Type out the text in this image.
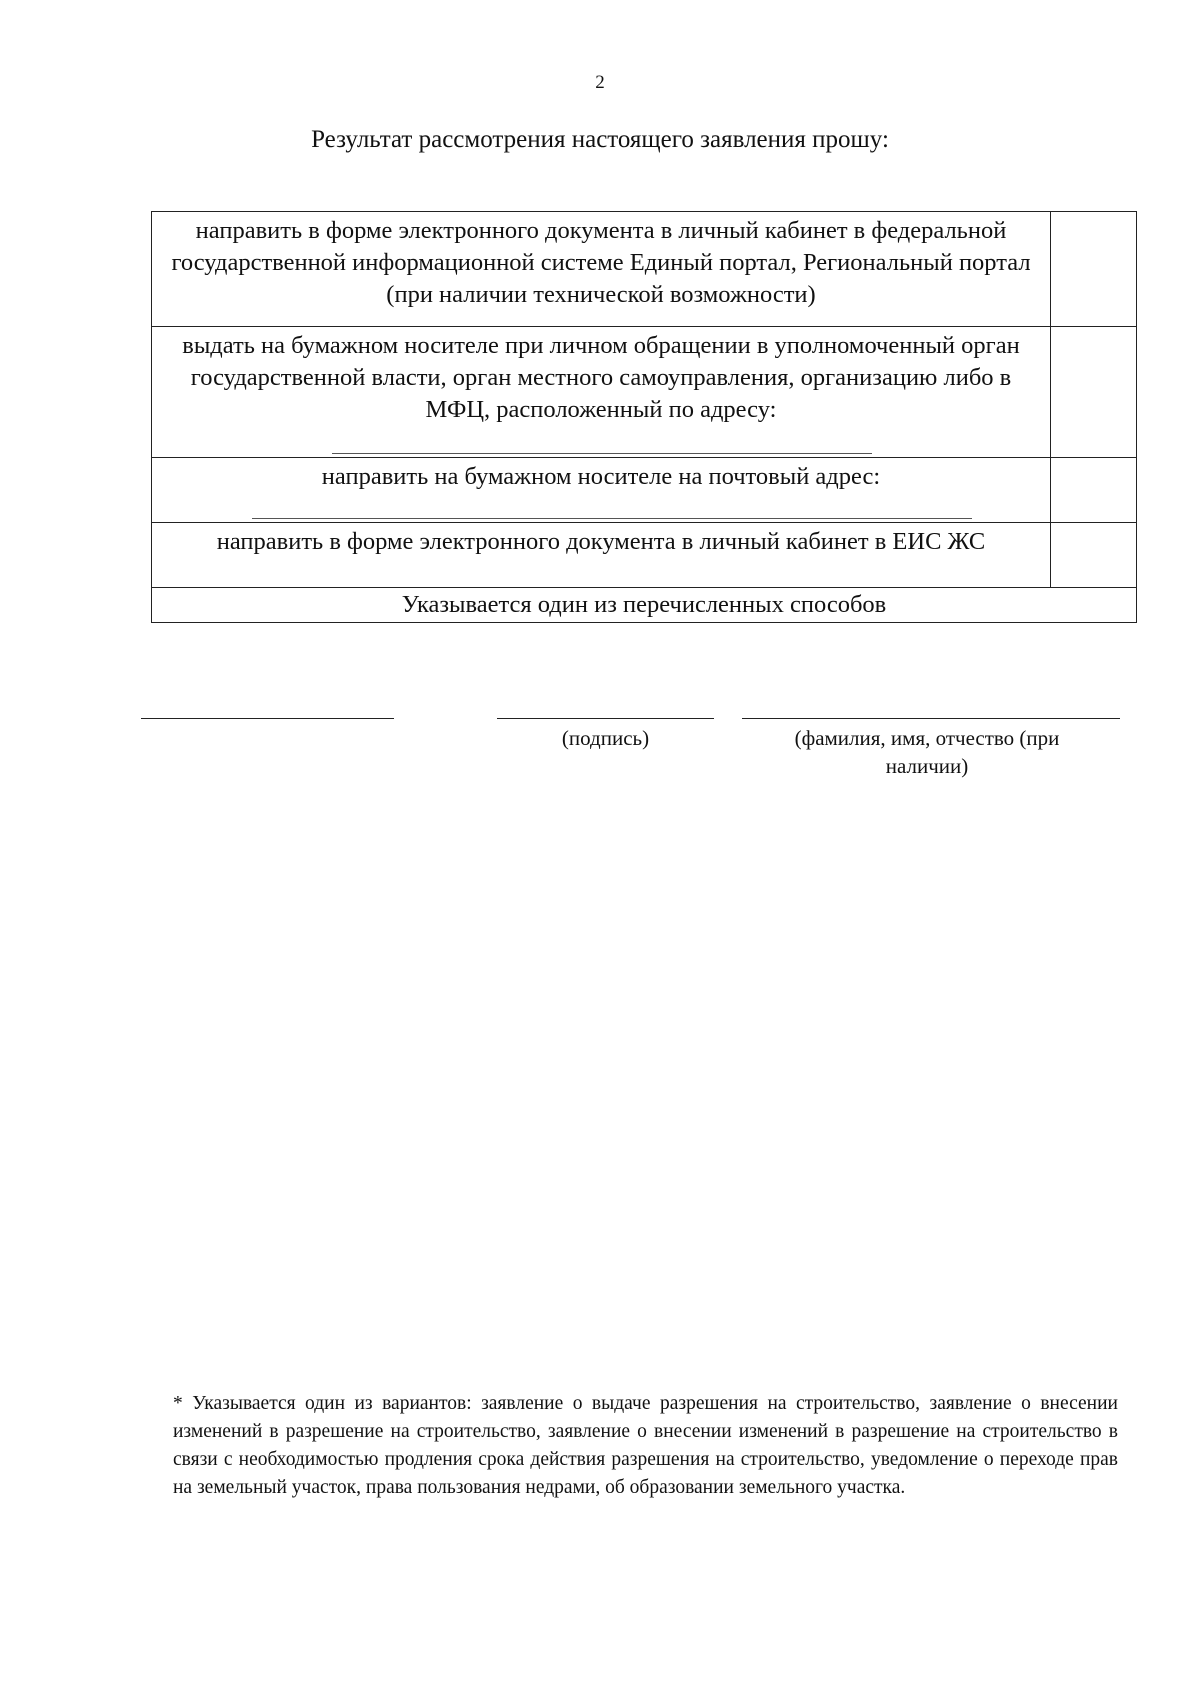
2
Результат рассмотрения настоящего заявления прошу:
направить в форме электронного документа в личный кабинет в федеральной государственной информационной системе Единый портал, Региональный портал (при наличии технической возможности)	

выдать на бумажном носителе при личном обращении в уполномоченный орган государственной власти, орган местного самоуправления, организацию либо в МФЦ, расположенный по адресу:	

направить на бумажном носителе на почтовый адрес:	

направить в форме электронного документа в личный кабинет в ЕИС ЖС	

Указывается один из перечисленных способов	
(подпись)	(фамилия, имя, отчество (при наличии)
* Указывается один из вариантов: заявление о выдаче разрешения на строительство, заявление о внесении изменений в разрешение на строительство, заявление о внесении изменений в разрешение на строительство в связи с необходимостью продления срока действия разрешения на строительство, уведомление о переходе прав на земельный участок, права пользования недрами, об образовании земельного участка.
